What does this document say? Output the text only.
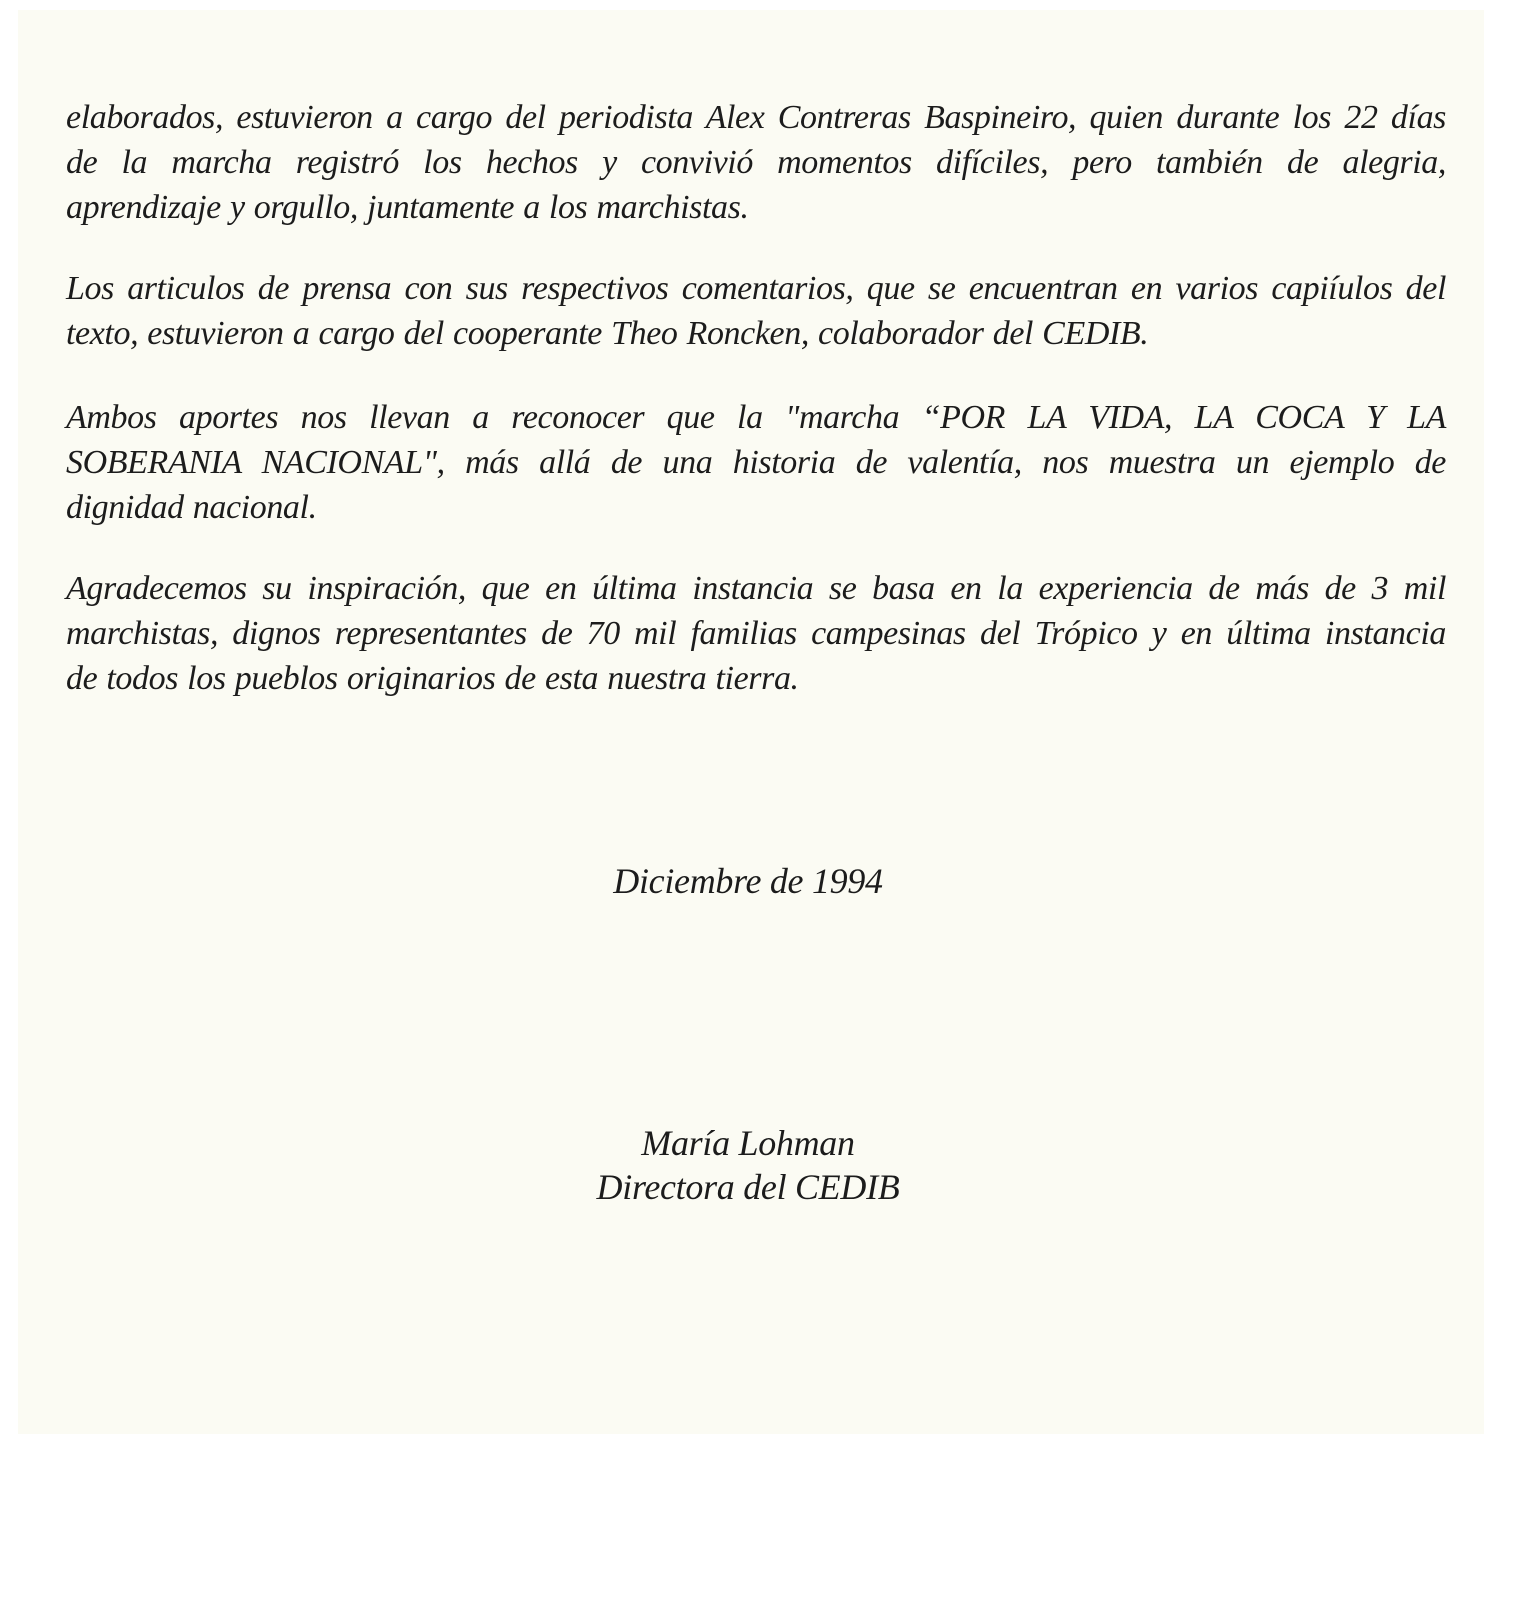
elaborados, estuvieron a cargo del periodista Alex Contreras Baspineiro, quien durante los 22 días
de la marcha registró los hechos y convivió momentos difíciles, pero también de alegria,
aprendizaje y orgullo, juntamente a los marchistas.
Los articulos de prensa con sus respectivos comentarios, que se encuentran en varios capiíulos del
texto, estuvieron a cargo del cooperante Theo Roncken, colaborador del CEDIB.
Ambos aportes nos llevan a reconocer que la "marcha “POR LA VIDA, LA COCA Y LA
SOBERANIA NACIONAL", más allá de una historia de valentía, nos muestra un ejemplo de
dignidad nacional.
Agradecemos su inspiración, que en última instancia se basa en la experiencia de más de 3 mil
marchistas, dignos representantes de 70 mil familias campesinas del Trópico y en última instancia
de todos los pueblos originarios de esta nuestra tierra.
Diciembre de 1994
María Lohman
Directora del CEDIB
